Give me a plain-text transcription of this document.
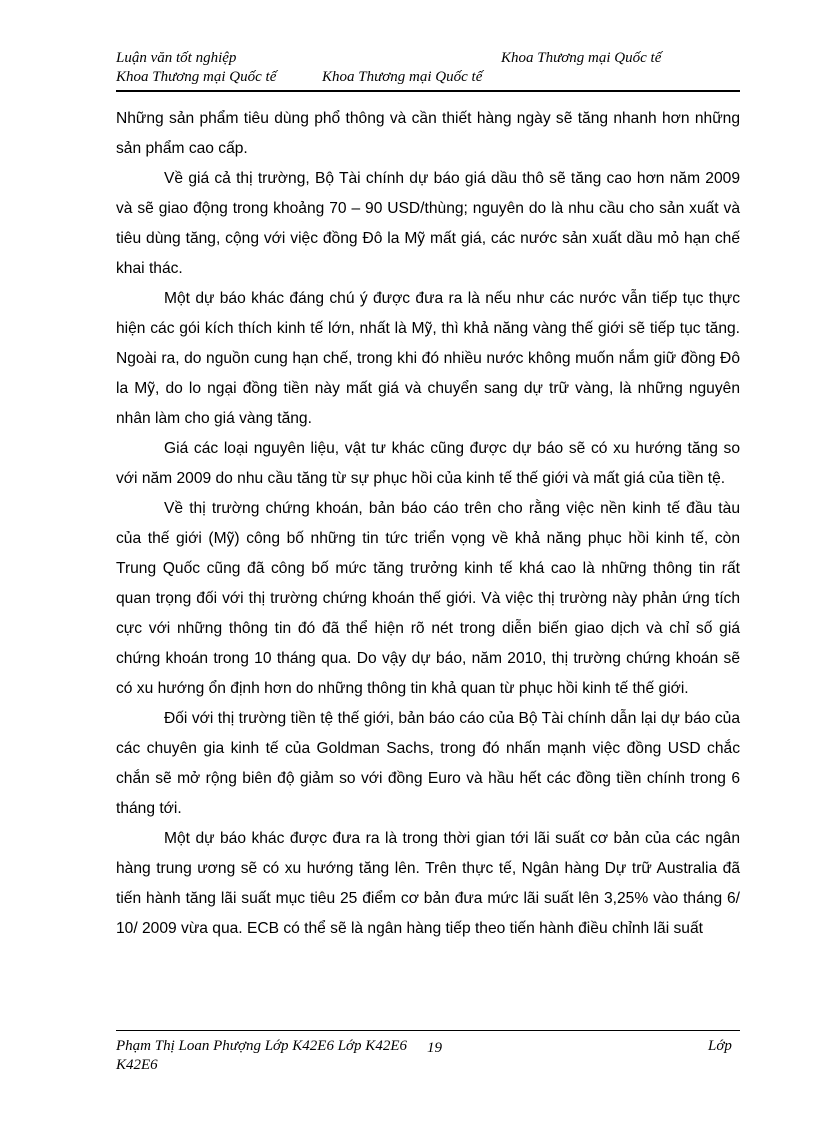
Luận văn tốt nghiệp	Khoa Thương mại Quốc tế
Khoa Thương mại Quốc tế	Khoa Thương mại Quốc tế

Những sản phẩm tiêu dùng phổ thông và cần thiết hàng ngày sẽ tăng nhanh hơn những sản phẩm cao cấp.

Về giá cả thị trường, Bộ Tài chính dự báo giá dầu thô sẽ tăng cao hơn năm 2009 và sẽ giao động trong khoảng 70 – 90 USD/thùng; nguyên do là nhu cầu cho sản xuất và tiêu dùng tăng, cộng với việc đồng Đô la Mỹ mất giá, các nước sản xuất dầu mỏ hạn chế khai thác.

Một dự báo khác đáng chú ý được đưa ra là nếu như các nước vẫn tiếp tục thực hiện các gói kích thích kinh tế lớn, nhất là Mỹ, thì khả năng vàng thế giới sẽ tiếp tục tăng. Ngoài ra, do nguồn cung hạn chế, trong khi đó nhiều nước không muốn nắm giữ đồng Đô la Mỹ, do lo ngại đồng tiền này mất giá và chuyển sang dự trữ vàng, là những nguyên nhân làm cho giá vàng tăng.

Giá các loại nguyên liệu, vật tư khác cũng được dự báo sẽ có xu hướng tăng so với năm 2009 do nhu cầu tăng từ sự phục hồi của kinh tế thế giới và mất giá của tiền tệ.

Về thị trường chứng khoán, bản báo cáo trên cho rằng việc nền kinh tế đầu tàu của thế giới (Mỹ) công bố những tin tức triển vọng về khả năng phục hồi kinh tế, còn Trung Quốc cũng đã công bố mức tăng trưởng kinh tế khá cao là những thông tin rất quan trọng đối với thị trường chứng khoán thế giới. Và việc thị trường này phản ứng tích cực với những thông tin đó đã thể hiện rõ nét trong diễn biến giao dịch và chỉ số giá chứng khoán trong 10 tháng qua. Do vậy dự báo, năm 2010, thị trường chứng khoán sẽ có xu hướng ổn định hơn do những thông tin khả quan từ phục hồi kinh tế thế giới.

Đối với thị trường tiền tệ thế giới, bản báo cáo của Bộ Tài chính dẫn lại dự báo của các chuyên gia kinh tế của Goldman Sachs, trong đó nhấn mạnh việc đồng USD chắc chắn sẽ mở rộng biên độ giảm so với đồng Euro và hầu hết các đồng tiền chính trong 6 tháng tới.

Một dự báo khác được đưa ra là trong thời gian tới lãi suất cơ bản của các ngân hàng trung ương sẽ có xu hướng tăng lên. Trên thực tế, Ngân hàng Dự trữ Australia đã tiến hành tăng lãi suất mục tiêu 25 điểm cơ bản đưa mức lãi suất lên 3,25% vào tháng 6/ 10/ 2009 vừa qua. ECB có thể sẽ là ngân hàng tiếp theo tiến hành điều chỉnh lãi suất

Phạm Thị Loan Phượng Lớp K42E6 Lớp K42E6 19	Lớp
K42E6
